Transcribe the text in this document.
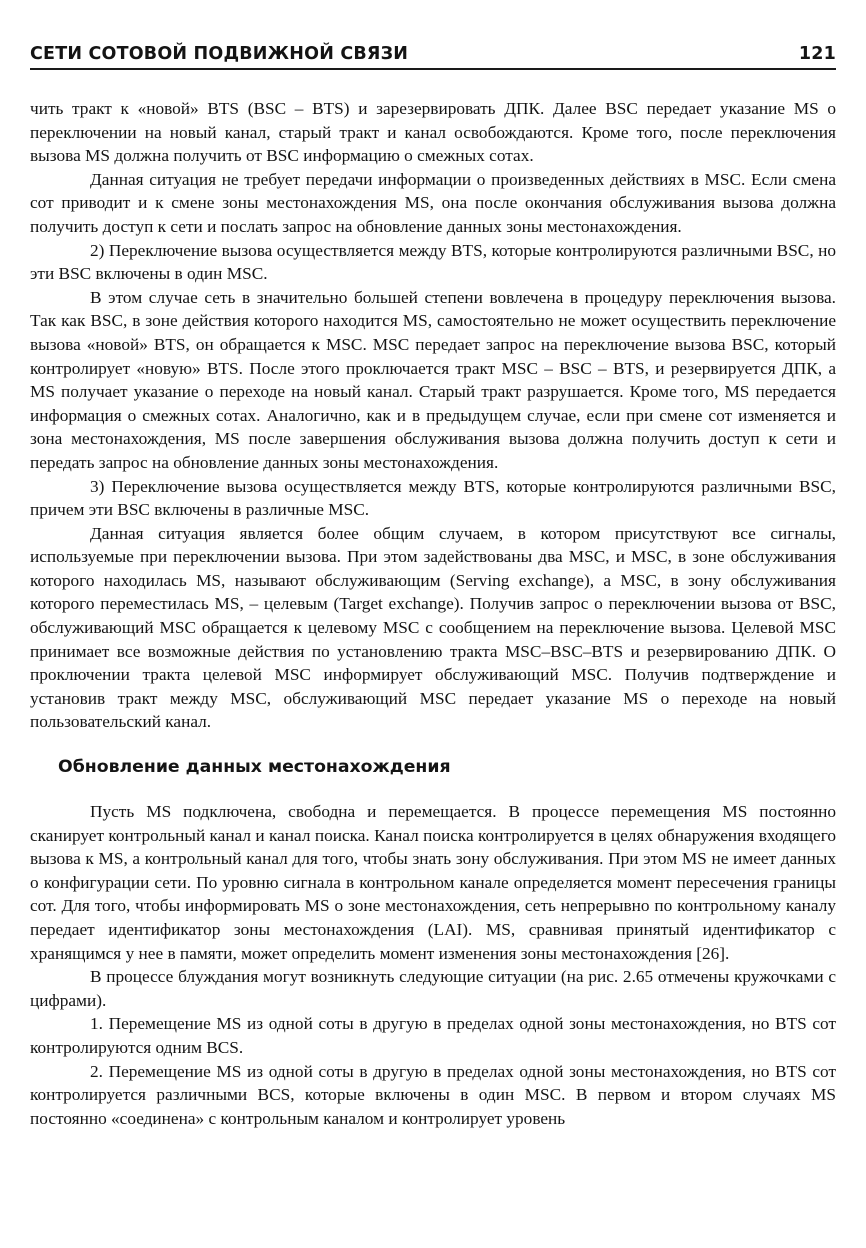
СЕТИ СОТОВОЙ ПОДВИЖНОЙ СВЯЗИ	121

чить тракт к «новой» BTS (BSC – BTS) и зарезервировать ДПК. Далее BSC передает указание MS о переключении на новый канал, старый тракт и канал освобождаются. Кроме того, после переключения вызова MS должна получить от BSC информацию о смежных сотах.

Данная ситуация не требует передачи информации о произведенных действиях в MSC. Если смена сот приводит и к смене зоны местонахождения MS, она после окончания обслуживания вызова должна получить доступ к сети и послать запрос на обновление данных зоны местонахождения.

2) Переключение вызова осуществляется между BTS, которые контролируются различными BSC, но эти BSC включены в один MSC.

В этом случае сеть в значительно большей степени вовлечена в процедуру переключения вызова. Так как BSC, в зоне действия которого находится MS, самостоятельно не может осуществить переключение вызова «новой» BTS, он обращается к MSC. MSC передает запрос на переключение вызова BSC, который контролирует «новую» BTS. После этого проключается тракт MSC – BSC – BTS, и резервируется ДПК, а MS получает указание о переходе на новый канал. Старый тракт разрушается. Кроме того, MS передается информация о смежных сотах. Аналогично, как и в предыдущем случае, если при смене сот изменяется и зона местонахождения, MS после завершения обслуживания вызова должна получить доступ к сети и передать запрос на обновление данных зоны местонахождения.

3) Переключение вызова осуществляется между BTS, которые контролируются различными BSC, причем эти BSC включены в различные MSC.

Данная ситуация является более общим случаем, в котором присутствуют все сигналы, используемые при переключении вызова. При этом задействованы два MSC, и MSC, в зоне обслуживания которого находилась MS, называют обслуживающим (Serving exchange), а MSC, в зону обслуживания которого переместилась MS, – целевым (Target exchange). Получив запрос о переключении вызова от BSC, обслуживающий MSC обращается к целевому MSC с сообщением на переключение вызова. Целевой MSC принимает все возможные действия по установлению тракта MSC–BSC–BTS и резервированию ДПК. О проключении тракта целевой MSC информирует обслуживающий MSC. Получив подтверждение и установив тракт между MSC, обслуживающий MSC передает указание MS о переходе на новый пользовательский канал.

Обновление данных местонахождения

Пусть MS подключена, свободна и перемещается. В процессе перемещения MS постоянно сканирует контрольный канал и канал поиска. Канал поиска контролируется в целях обнаружения входящего вызова к MS, а контрольный канал для того, чтобы знать зону обслуживания. При этом MS не имеет данных о конфигурации сети. По уровню сигнала в контрольном канале определяется момент пересечения границы сот. Для того, чтобы информировать MS о зоне местонахождения, сеть непрерывно по контрольному каналу передает идентификатор зоны местонахождения (LAI). MS, сравнивая принятый идентификатор с хранящимся у нее в памяти, может определить момент изменения зоны местонахождения [26].

В процессе блуждания могут возникнуть следующие ситуации (на рис. 2.65 отмечены кружочками с цифрами).

1. Перемещение MS из одной соты в другую в пределах одной зоны местонахождения, но BTS сот контролируются одним BCS.

2. Перемещение MS из одной соты в другую в пределах одной зоны местонахождения, но BTS сот контролируется различными BCS, которые включены в один MSC. В первом и втором случаях MS постоянно «соединена» с контрольным каналом и контролирует уровень
